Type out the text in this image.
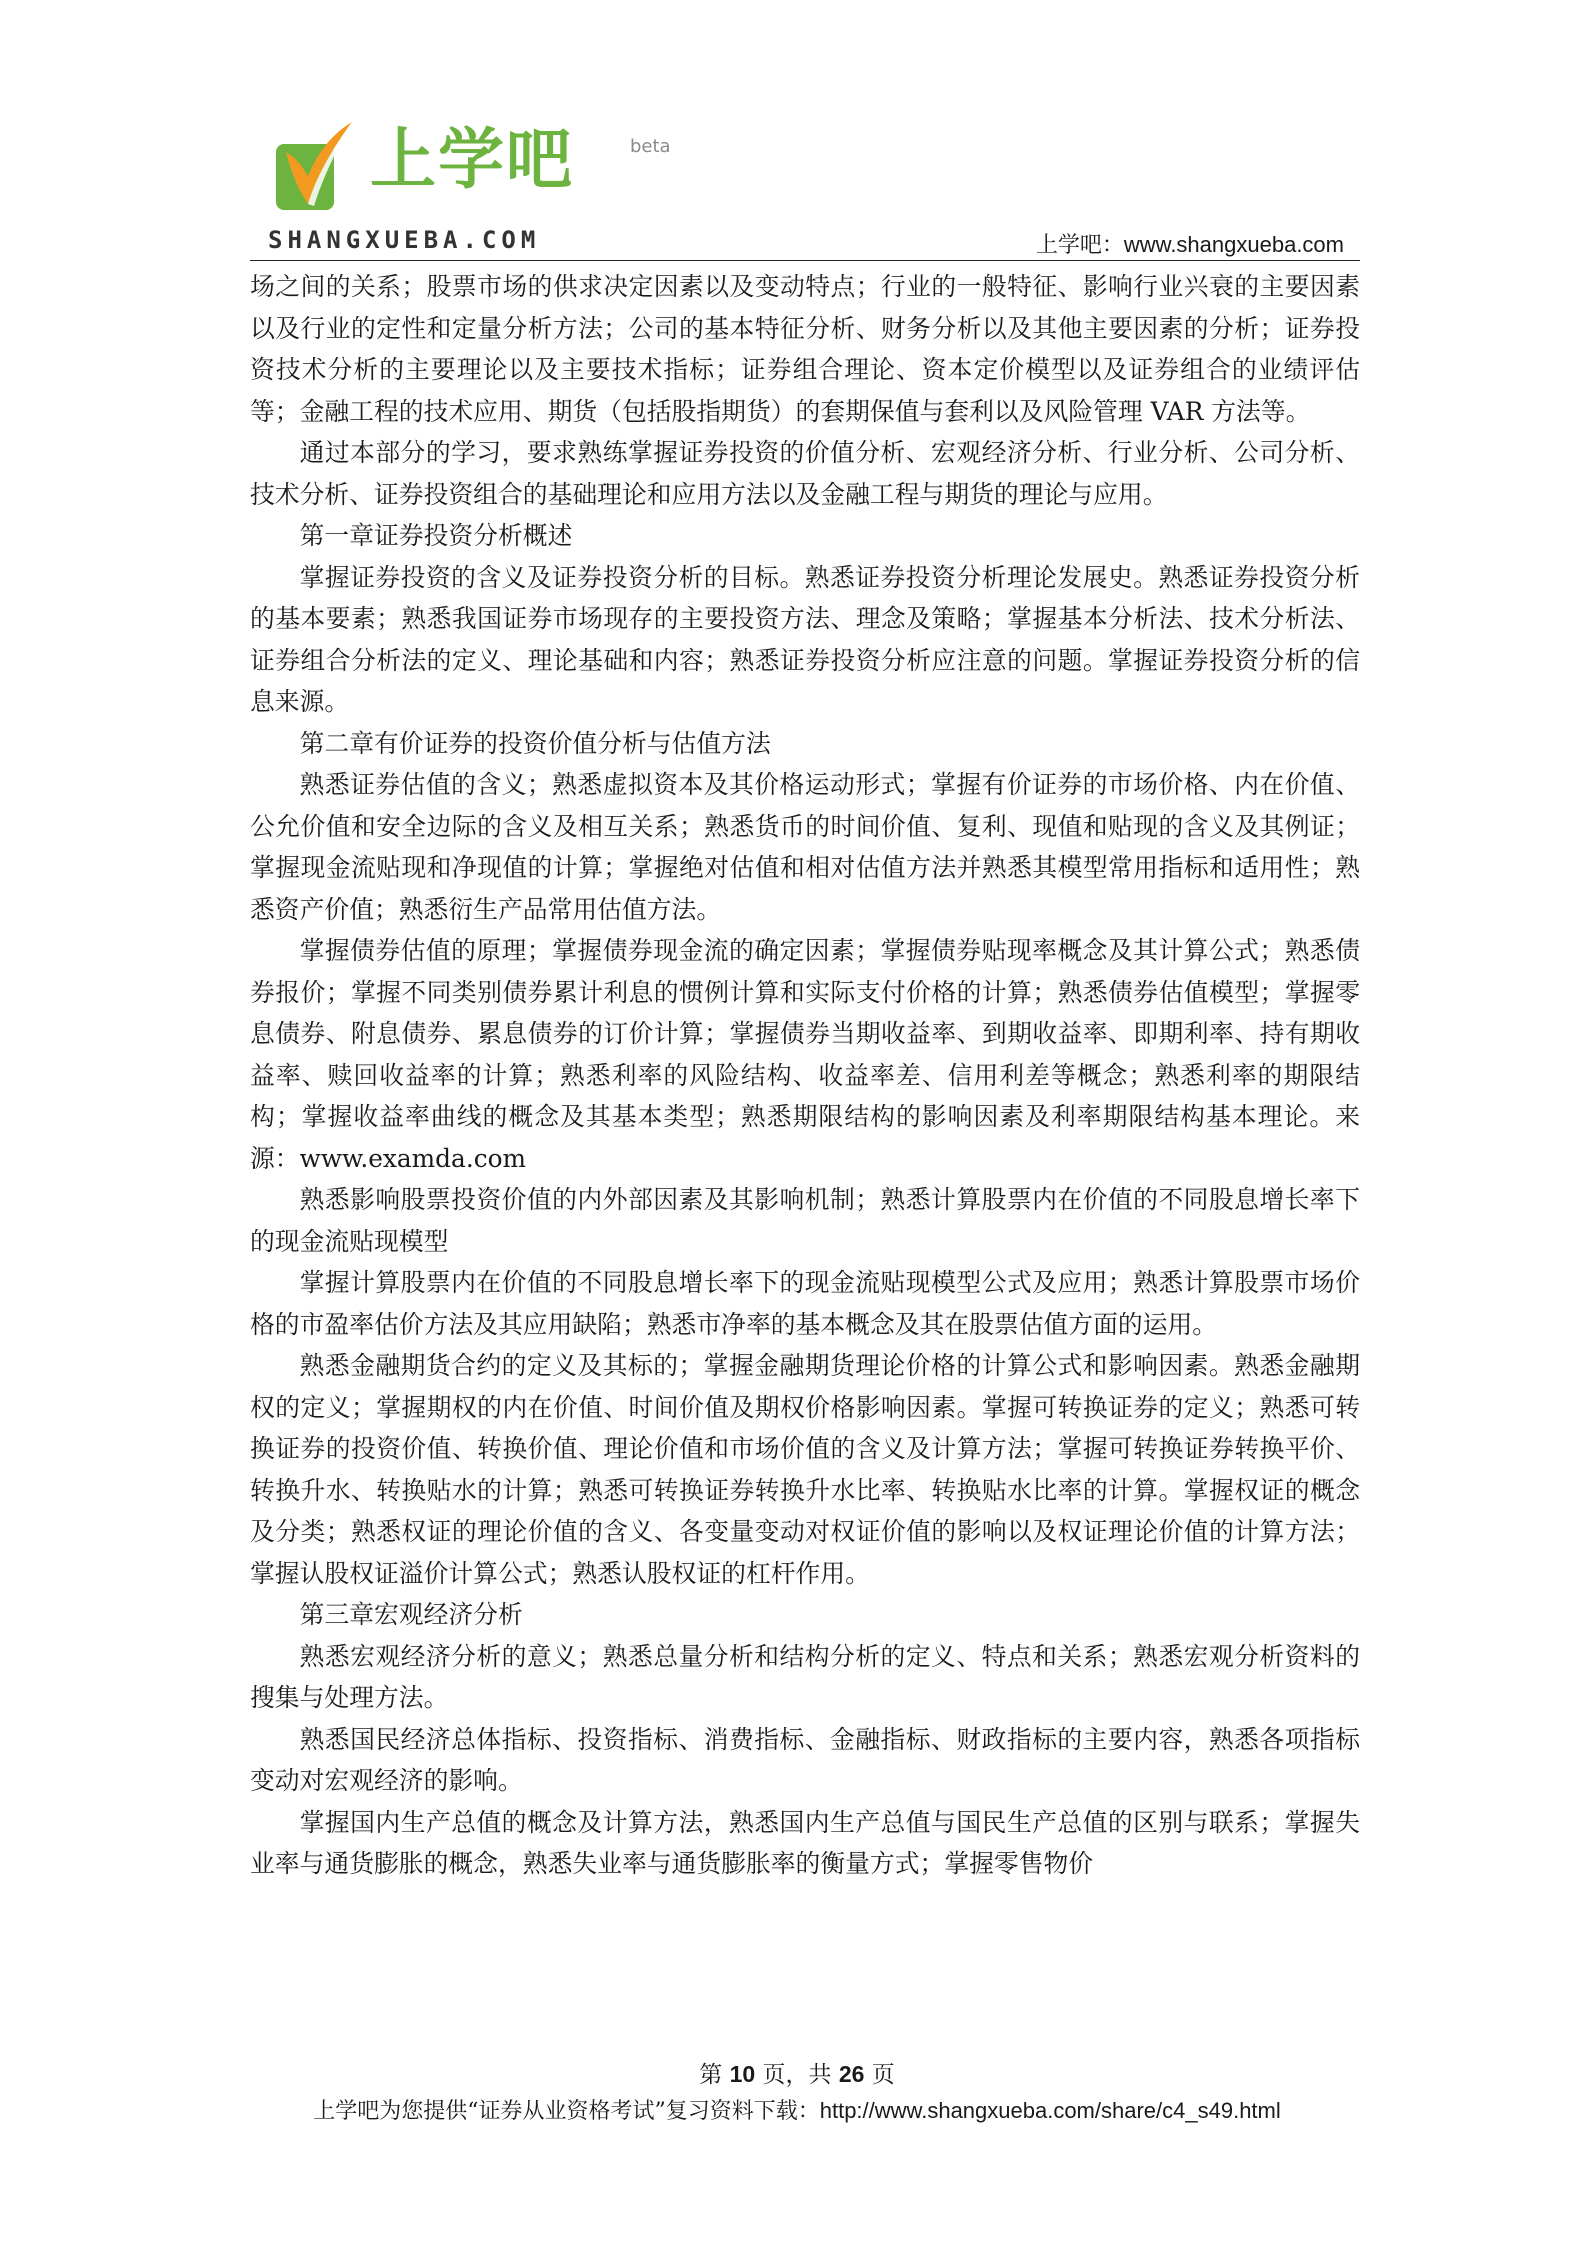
上学吧	beta
SHANGXUEBA.COM	上学吧：www.shangxueba.com

场之间的关系；股票市场的供求决定因素以及变动特点；行业的一般特征、影响行业兴衰的主要因素以及行业的定性和定量分析方法；公司的基本特征分析、财务分析以及其他主要因素的分析；证券投资技术分析的主要理论以及主要技术指标；证券组合理论、资本定价模型以及证券组合的业绩评估等；金融工程的技术应用、期货（包括股指期货）的套期保值与套利以及风险管理 VAR 方法等。

通过本部分的学习，要求熟练掌握证券投资的价值分析、宏观经济分析、行业分析、公司分析、技术分析、证券投资组合的基础理论和应用方法以及金融工程与期货的理论与应用。

第一章证券投资分析概述

掌握证券投资的含义及证券投资分析的目标。熟悉证券投资分析理论发展史。熟悉证券投资分析的基本要素；熟悉我国证券市场现存的主要投资方法、理念及策略；掌握基本分析法、技术分析法、证券组合分析法的定义、理论基础和内容；熟悉证券投资分析应注意的问题。掌握证券投资分析的信息来源。

第二章有价证券的投资价值分析与估值方法

熟悉证券估值的含义；熟悉虚拟资本及其价格运动形式；掌握有价证券的市场价格、内在价值、公允价值和安全边际的含义及相互关系；熟悉货币的时间价值、复利、现值和贴现的含义及其例证；掌握现金流贴现和净现值的计算；掌握绝对估值和相对估值方法并熟悉其模型常用指标和适用性；熟悉资产价值；熟悉衍生产品常用估值方法。

掌握债券估值的原理；掌握债券现金流的确定因素；掌握债券贴现率概念及其计算公式；熟悉债券报价；掌握不同类别债券累计利息的惯例计算和实际支付价格的计算；熟悉债券估值模型；掌握零息债券、附息债券、累息债券的订价计算；掌握债券当期收益率、到期收益率、即期利率、持有期收益率、赎回收益率的计算；熟悉利率的风险结构、收益率差、信用利差等概念；熟悉利率的期限结构；掌握收益率曲线的概念及其基本类型；熟悉期限结构的影响因素及利率期限结构基本理论。来源：www.examda.com

熟悉影响股票投资价值的内外部因素及其影响机制；熟悉计算股票内在价值的不同股息增长率下的现金流贴现模型

掌握计算股票内在价值的不同股息增长率下的现金流贴现模型公式及应用；熟悉计算股票市场价格的市盈率估价方法及其应用缺陷；熟悉市净率的基本概念及其在股票估值方面的运用。

熟悉金融期货合约的定义及其标的；掌握金融期货理论价格的计算公式和影响因素。熟悉金融期权的定义；掌握期权的内在价值、时间价值及期权价格影响因素。掌握可转换证券的定义；熟悉可转换证券的投资价值、转换价值、理论价值和市场价值的含义及计算方法；掌握可转换证券转换平价、转换升水、转换贴水的计算；熟悉可转换证券转换升水比率、转换贴水比率的计算。掌握权证的概念及分类；熟悉权证的理论价值的含义、各变量变动对权证价值的影响以及权证理论价值的计算方法；掌握认股权证溢价计算公式；熟悉认股权证的杠杆作用。

第三章宏观经济分析

熟悉宏观经济分析的意义；熟悉总量分析和结构分析的定义、特点和关系；熟悉宏观分析资料的搜集与处理方法。

熟悉国民经济总体指标、投资指标、消费指标、金融指标、财政指标的主要内容，熟悉各项指标变动对宏观经济的影响。

掌握国内生产总值的概念及计算方法，熟悉国内生产总值与国民生产总值的区别与联系；掌握失业率与通货膨胀的概念，熟悉失业率与通货膨胀率的衡量方式；掌握零售物价

第 10 页，共 26 页
上学吧为您提供“证券从业资格考试”复习资料下载：http://www.shangxueba.com/share/c4_s49.html
